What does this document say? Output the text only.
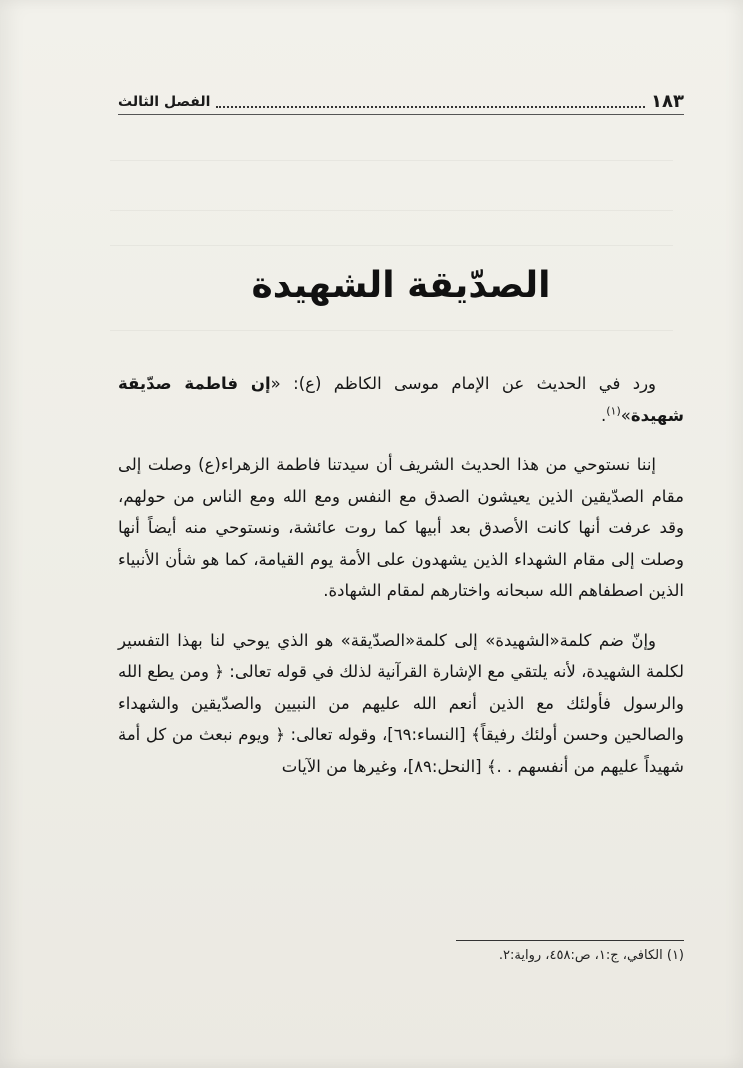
١٨٣
الفصل الثالث
الصدّيقة الشهيدة

ورد في الحديث عن الإمام موسى الكاظم (ع): «إن فاطمة صدّيقة شهيدة»$^{(١)}$.

إننا نستوحي من هذا الحديث الشريف أن سيدتنا فاطمة الزهراء(ع) وصلت إلى مقام الصدّيقين الذين يعيشون الصدق مع النفس ومع الله ومع الناس من حولهم، وقد عرفت أنها كانت الأصدق بعد أبيها كما روت عائشة، ونستوحي منه أيضاً أنها وصلت إلى مقام الشهداء الذين يشهدون على الأمة يوم القيامة، كما هو شأن الأنبياء الذين اصطفاهم الله سبحانه واختارهم لمقام الشهادة.

وإنّ ضم كلمة«الشهيدة» إلى كلمة«الصدّيقة» هو الذي يوحي لنا بهذا التفسير لكلمة الشهيدة، لأنه يلتقي مع الإشارة القرآنية لذلك في قوله تعالى: ﴿ ومن يطع الله والرسول فأولئك مع الذين أنعم الله عليهم من النبيين والصدّيقين والشهداء والصالحين وحسن أولئك رفيقاً﴾ [النساء:٦٩]، وقوله تعالى: ﴿ ويوم نبعث من كل أمة شهيداً عليهم من أنفسهم . .﴾ [النحل:٨٩]، وغيرها من الآيات

(١) الكافي، ج:١، ص:٤٥٨، رواية:٢.
